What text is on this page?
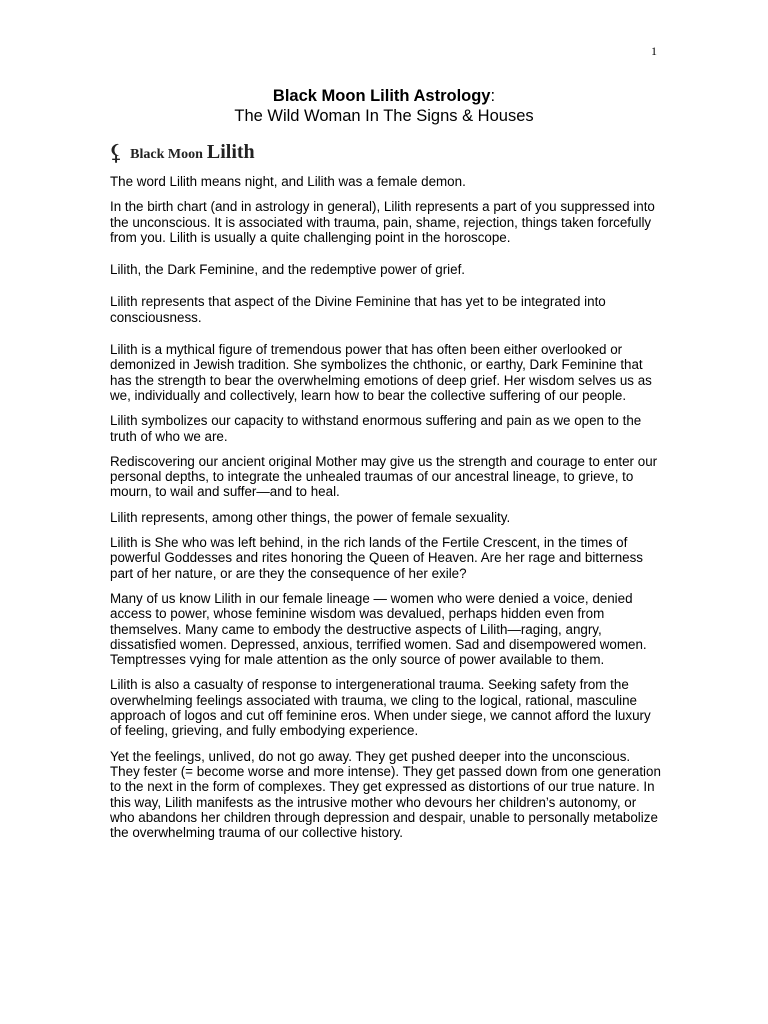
1
Black Moon Lilith Astrology:
The Wild Woman In The Signs & Houses
⚸ Black Moon Lilith

The word Lilith means night, and Lilith was a female demon.

In the birth chart (and in astrology in general), Lilith represents a part of you suppressed into the unconscious. It is associated with trauma, pain, shame, rejection, things taken forcefully from you. Lilith is usually a quite challenging point in the horoscope.

Lilith, the Dark Feminine, and the redemptive power of grief.

Lilith represents that aspect of the Divine Feminine that has yet to be integrated into consciousness.

Lilith is a mythical figure of tremendous power that has often been either overlooked or demonized in Jewish tradition. She symbolizes the chthonic, or earthy, Dark Feminine that has the strength to bear the overwhelming emotions of deep grief. Her wisdom selves us as we, individually and collectively, learn how to bear the collective suffering of our people.

Lilith symbolizes our capacity to withstand enormous suffering and pain as we open to the truth of who we are.

Rediscovering our ancient original Mother may give us the strength and courage to enter our personal depths, to integrate the unhealed traumas of our ancestral lineage, to grieve, to mourn, to wail and suffer—and to heal.

Lilith represents, among other things, the power of female sexuality.

Lilith is She who was left behind, in the rich lands of the Fertile Crescent, in the times of powerful Goddesses and rites honoring the Queen of Heaven. Are her rage and bitterness part of her nature, or are they the consequence of her exile?

Many of us know Lilith in our female lineage — women who were denied a voice, denied access to power, whose feminine wisdom was devalued, perhaps hidden even from themselves. Many came to embody the destructive aspects of Lilith—raging, angry, dissatisfied women. Depressed, anxious, terrified women. Sad and disempowered women. Temptresses vying for male attention as the only source of power available to them.

Lilith is also a casualty of response to intergenerational trauma. Seeking safety from the overwhelming feelings associated with trauma, we cling to the logical, rational, masculine approach of logos and cut off feminine eros. When under siege, we cannot afford the luxury of feeling, grieving, and fully embodying experience.

Yet the feelings, unlived, do not go away. They get pushed deeper into the unconscious. They fester (= become worse and more intense). They get passed down from one generation to the next in the form of complexes. They get expressed as distortions of our true nature. In this way, Lilith manifests as the intrusive mother who devours her children’s autonomy, or who abandons her children through depression and despair, unable to personally metabolize the overwhelming trauma of our collective history.
